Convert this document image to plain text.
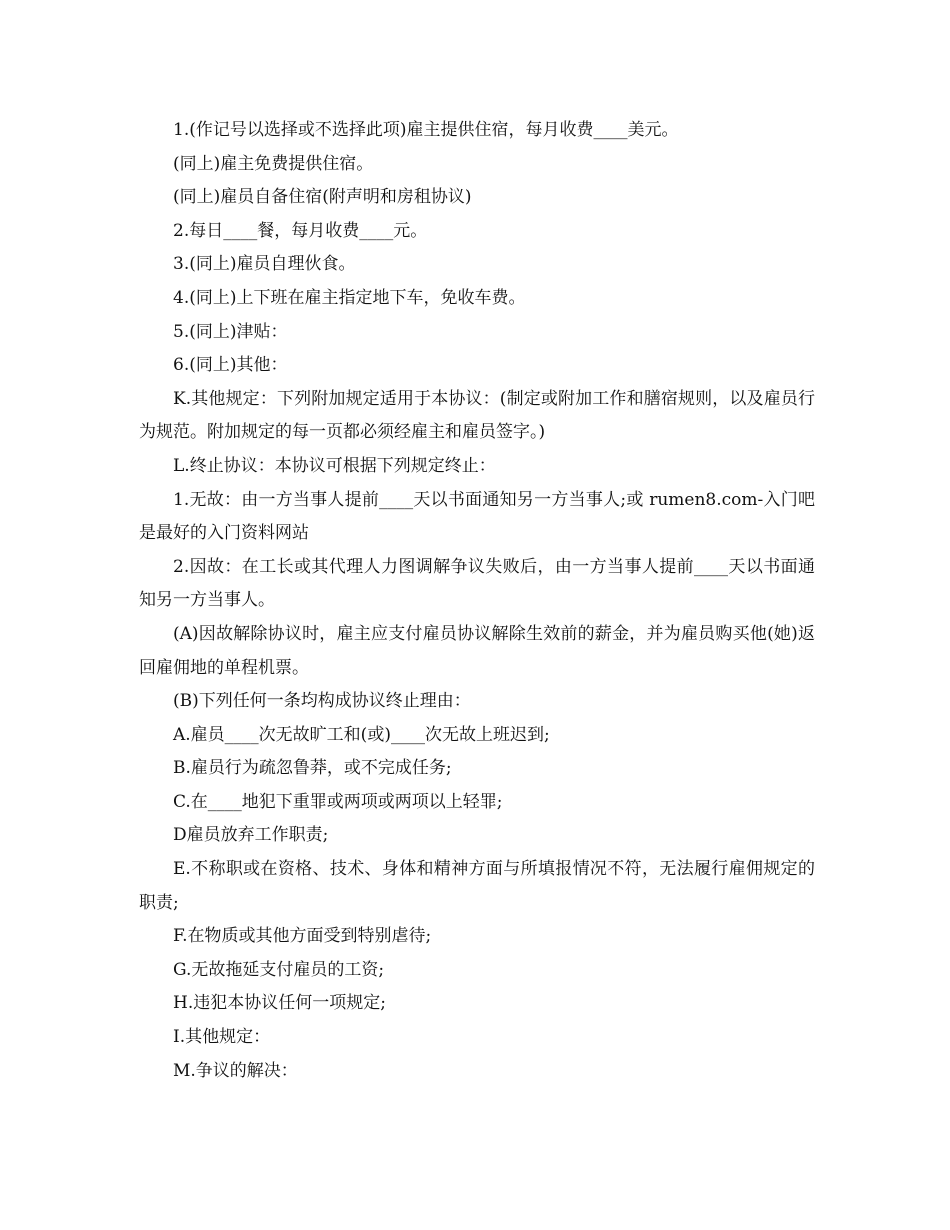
1.(作记号以选择或不选择此项)雇主提供住宿，每月收费____美元。

(同上)雇主免费提供住宿。

(同上)雇员自备住宿(附声明和房租协议)

2.每日____餐，每月收费____元。

3.(同上)雇员自理伙食。

4.(同上)上下班在雇主指定地下车，免收车费。

5.(同上)津贴：

6.(同上)其他：

K.其他规定：下列附加规定适用于本协议：(制定或附加工作和膳宿规则，以及雇员行为规范。附加规定的每一页都必须经雇主和雇员签字。)

L.终止协议：本协议可根据下列规定终止：

1.无故：由一方当事人提前____天以书面通知另一方当事人;或 rumen8.com-入门吧是最好的入门资料网站

2.因故：在工长或其代理人力图调解争议失败后，由一方当事人提前____天以书面通知另一方当事人。

(A)因故解除协议时，雇主应支付雇员协议解除生效前的薪金，并为雇员购买他(她)返回雇佣地的单程机票。

(B)下列任何一条均构成协议终止理由：

A.雇员____次无故旷工和(或)____次无故上班迟到;

B.雇员行为疏忽鲁莽，或不完成任务;

C.在____地犯下重罪或两项或两项以上轻罪;

D雇员放弃工作职责;

E.不称职或在资格、技术、身体和精神方面与所填报情况不符，无法履行雇佣规定的职责;

F.在物质或其他方面受到特别虐待;

G.无故拖延支付雇员的工资;

H.违犯本协议任何一项规定;

I.其他规定：

M.争议的解决：
